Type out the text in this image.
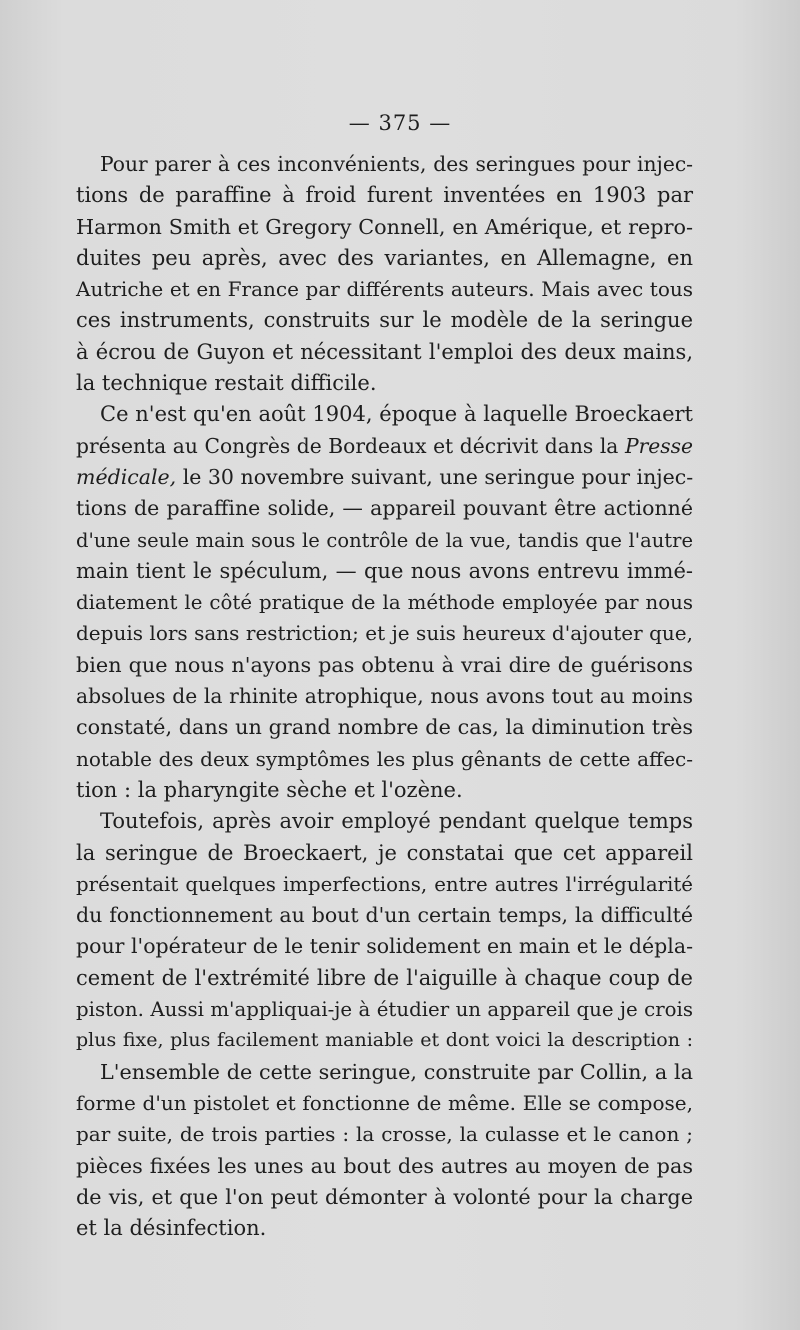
— 375 —
Pour parer à ces inconvénients, des seringues pour injec-
tions de paraffine à froid furent inventées en 1903 par
Harmon Smith et Gregory Connell, en Amérique, et repro-
duites peu après, avec des variantes, en Allemagne, en
Autriche et en France par différents auteurs. Mais avec tous
ces instruments, construits sur le modèle de la seringue
à écrou de Guyon et nécessitant l'emploi des deux mains,
la technique restait difficile.
Ce n'est qu'en août 1904, époque à laquelle Broeckaert
présenta au Congrès de Bordeaux et décrivit dans la Presse
médicale, le 30 novembre suivant, une seringue pour injec-
tions de paraffine solide, — appareil pouvant être actionné
d'une seule main sous le contrôle de la vue, tandis que l'autre
main tient le spéculum, — que nous avons entrevu immé-
diatement le côté pratique de la méthode employée par nous
depuis lors sans restriction; et je suis heureux d'ajouter que,
bien que nous n'ayons pas obtenu à vrai dire de guérisons
absolues de la rhinite atrophique, nous avons tout au moins
constaté, dans un grand nombre de cas, la diminution très
notable des deux symptômes les plus gênants de cette affec-
tion : la pharyngite sèche et l'ozène.
Toutefois, après avoir employé pendant quelque temps
la seringue de Broeckaert, je constatai que cet appareil
présentait quelques imperfections, entre autres l'irrégularité
du fonctionnement au bout d'un certain temps, la difficulté
pour l'opérateur de le tenir solidement en main et le dépla-
cement de l'extrémité libre de l'aiguille à chaque coup de
piston. Aussi m'appliquai-je à étudier un appareil que je crois
plus fixe, plus facilement maniable et dont voici la description :
L'ensemble de cette seringue, construite par Collin, a la
forme d'un pistolet et fonctionne de même. Elle se compose,
par suite, de trois parties : la crosse, la culasse et le canon ;
pièces fixées les unes au bout des autres au moyen de pas
de vis, et que l'on peut démonter à volonté pour la charge
et la désinfection.
